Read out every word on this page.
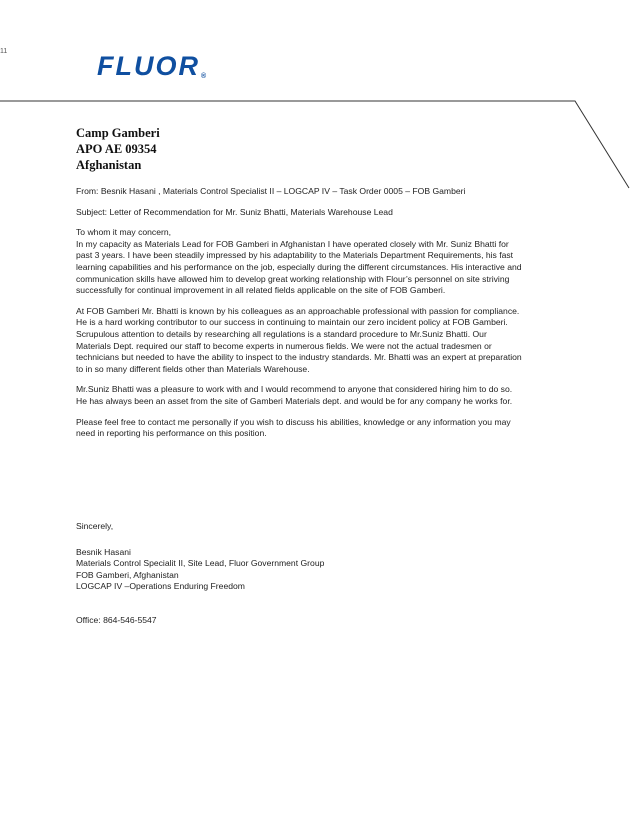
11	FLUOR®
Camp Gamberi
APO AE 09354
Afghanistan

From: Besnik Hasani , Materials Control Specialist II – LOGCAP IV – Task Order 0005 – FOB Gamberi

Subject: Letter of Recommendation for Mr. Suniz Bhatti, Materials Warehouse Lead

To whom it may concern,
In my capacity as Materials Lead for FOB Gamberi in Afghanistan I have operated closely with Mr. Suniz Bhatti for
past 3 years. I have been steadily impressed by his adaptability to the Materials Department Requirements, his fast
learning capabilities and his performance on the job, especially during the different circumstances. His interactive and
communication skills have allowed him to develop great working relationship with Flour’s personnel on site striving
successfully for continual improvement in all related fields applicable on the site of FOB Gamberi.
At FOB Gamberi Mr. Bhatti is known by his colleagues as an approachable professional with passion for compliance.
He is a hard working contributor to our success in continuing to maintain our zero incident policy at FOB Gamberi.
Scrupulous attention to details by researching all regulations is a standard procedure to Mr.Suniz Bhatti. Our
Materials Dept. required our staff to become experts in numerous fields. We were not the actual tradesmen or
technicians but needed to have the ability to inspect to the industry standards. Mr. Bhatti was an expert at preparation
to in so many different fields other than Materials Warehouse.
Mr.Suniz Bhatti was a pleasure to work with and I would recommend to anyone that considered hiring him to do so.
He has always been an asset from the site of Gamberi Materials dept. and would be for any company he works for.
Please feel free to contact me personally if you wish to discuss his abilities, knowledge or any information you may
need in reporting his performance on this position.
Sincerely,
Besnik Hasani
Materials Control Specialit II, Site Lead, Fluor Government Group
FOB Gamberi, Afghanistan
LOGCAP IV –Operations Enduring Freedom
Office: 864-546-5547
